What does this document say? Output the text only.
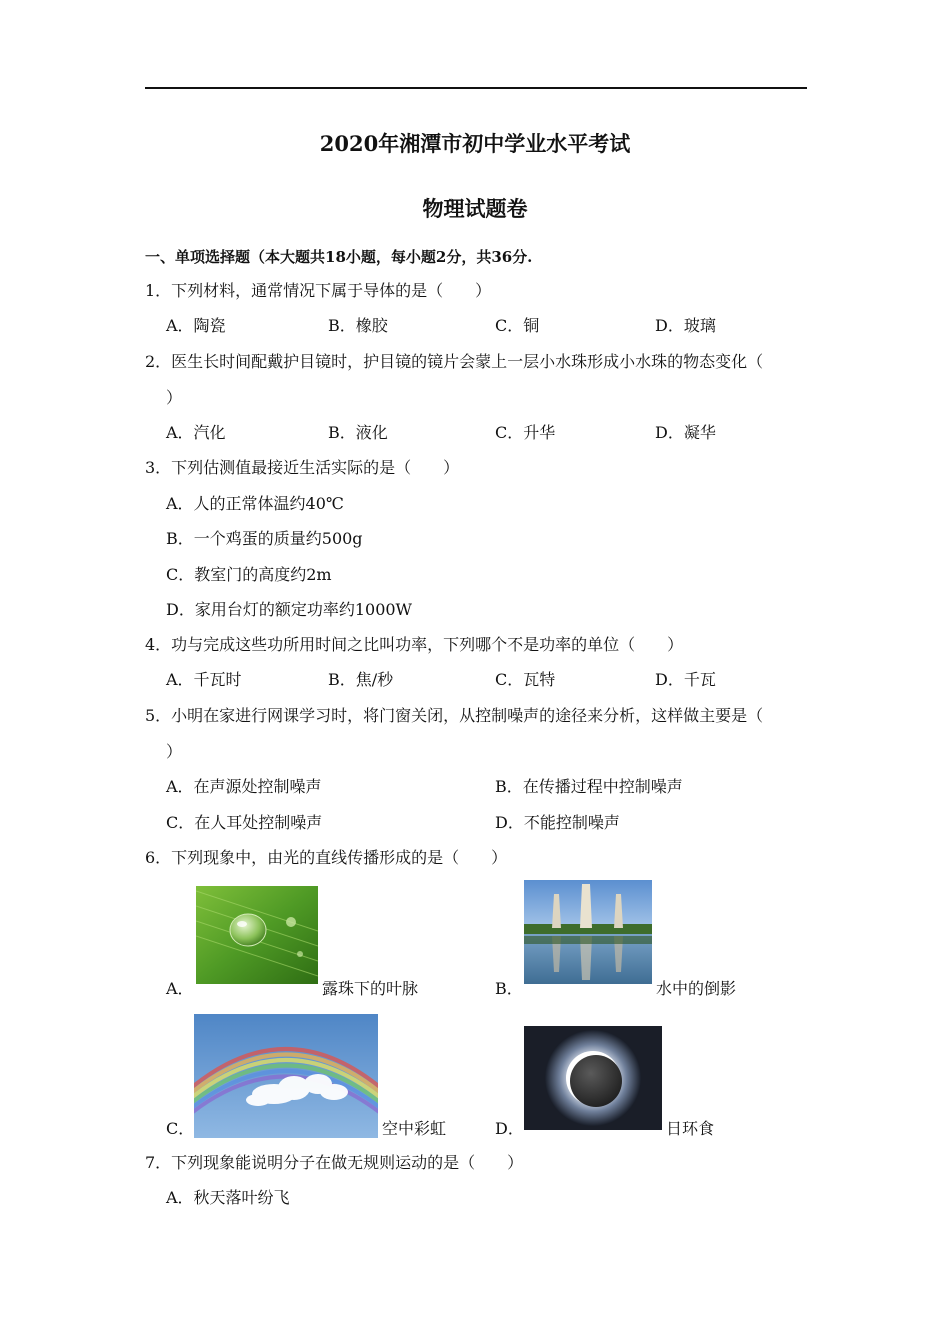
2020年湘潭市初中学业水平考试
物理试题卷
一、单项选择题（本大题共18小题，每小题2分，共36分.
1．下列材料，通常情况下属于导体的是（　　）
A．陶瓷	B．橡胶	C．铜	D．玻璃
2．医生长时间配戴护目镜时，护目镜的镜片会蒙上一层小水珠形成小水珠的物态变化（
）
A．汽化	B．液化	C．升华	D．凝华
3．下列估测值最接近生活实际的是（　　）
A．人的正常体温约40℃
B．一个鸡蛋的质量约500g
C．教室门的高度约2m
D．家用台灯的额定功率约1000W
4．功与完成这些功所用时间之比叫功率，下列哪个不是功率的单位（　　）
A．千瓦时	B．焦/秒	C．瓦特	D．千瓦
5．小明在家进行网课学习时，将门窗关闭，从控制噪声的途径来分析，这样做主要是（
）
A．在声源处控制噪声	B．在传播过程中控制噪声
C．在人耳处控制噪声	D．不能控制噪声
6．下列现象中，由光的直线传播形成的是（　　）
A．	露珠下的叶脉	B．	水中的倒影
C．	空中彩虹	D．	日环食
7．下列现象能说明分子在做无规则运动的是（　　）
A．秋天落叶纷飞
